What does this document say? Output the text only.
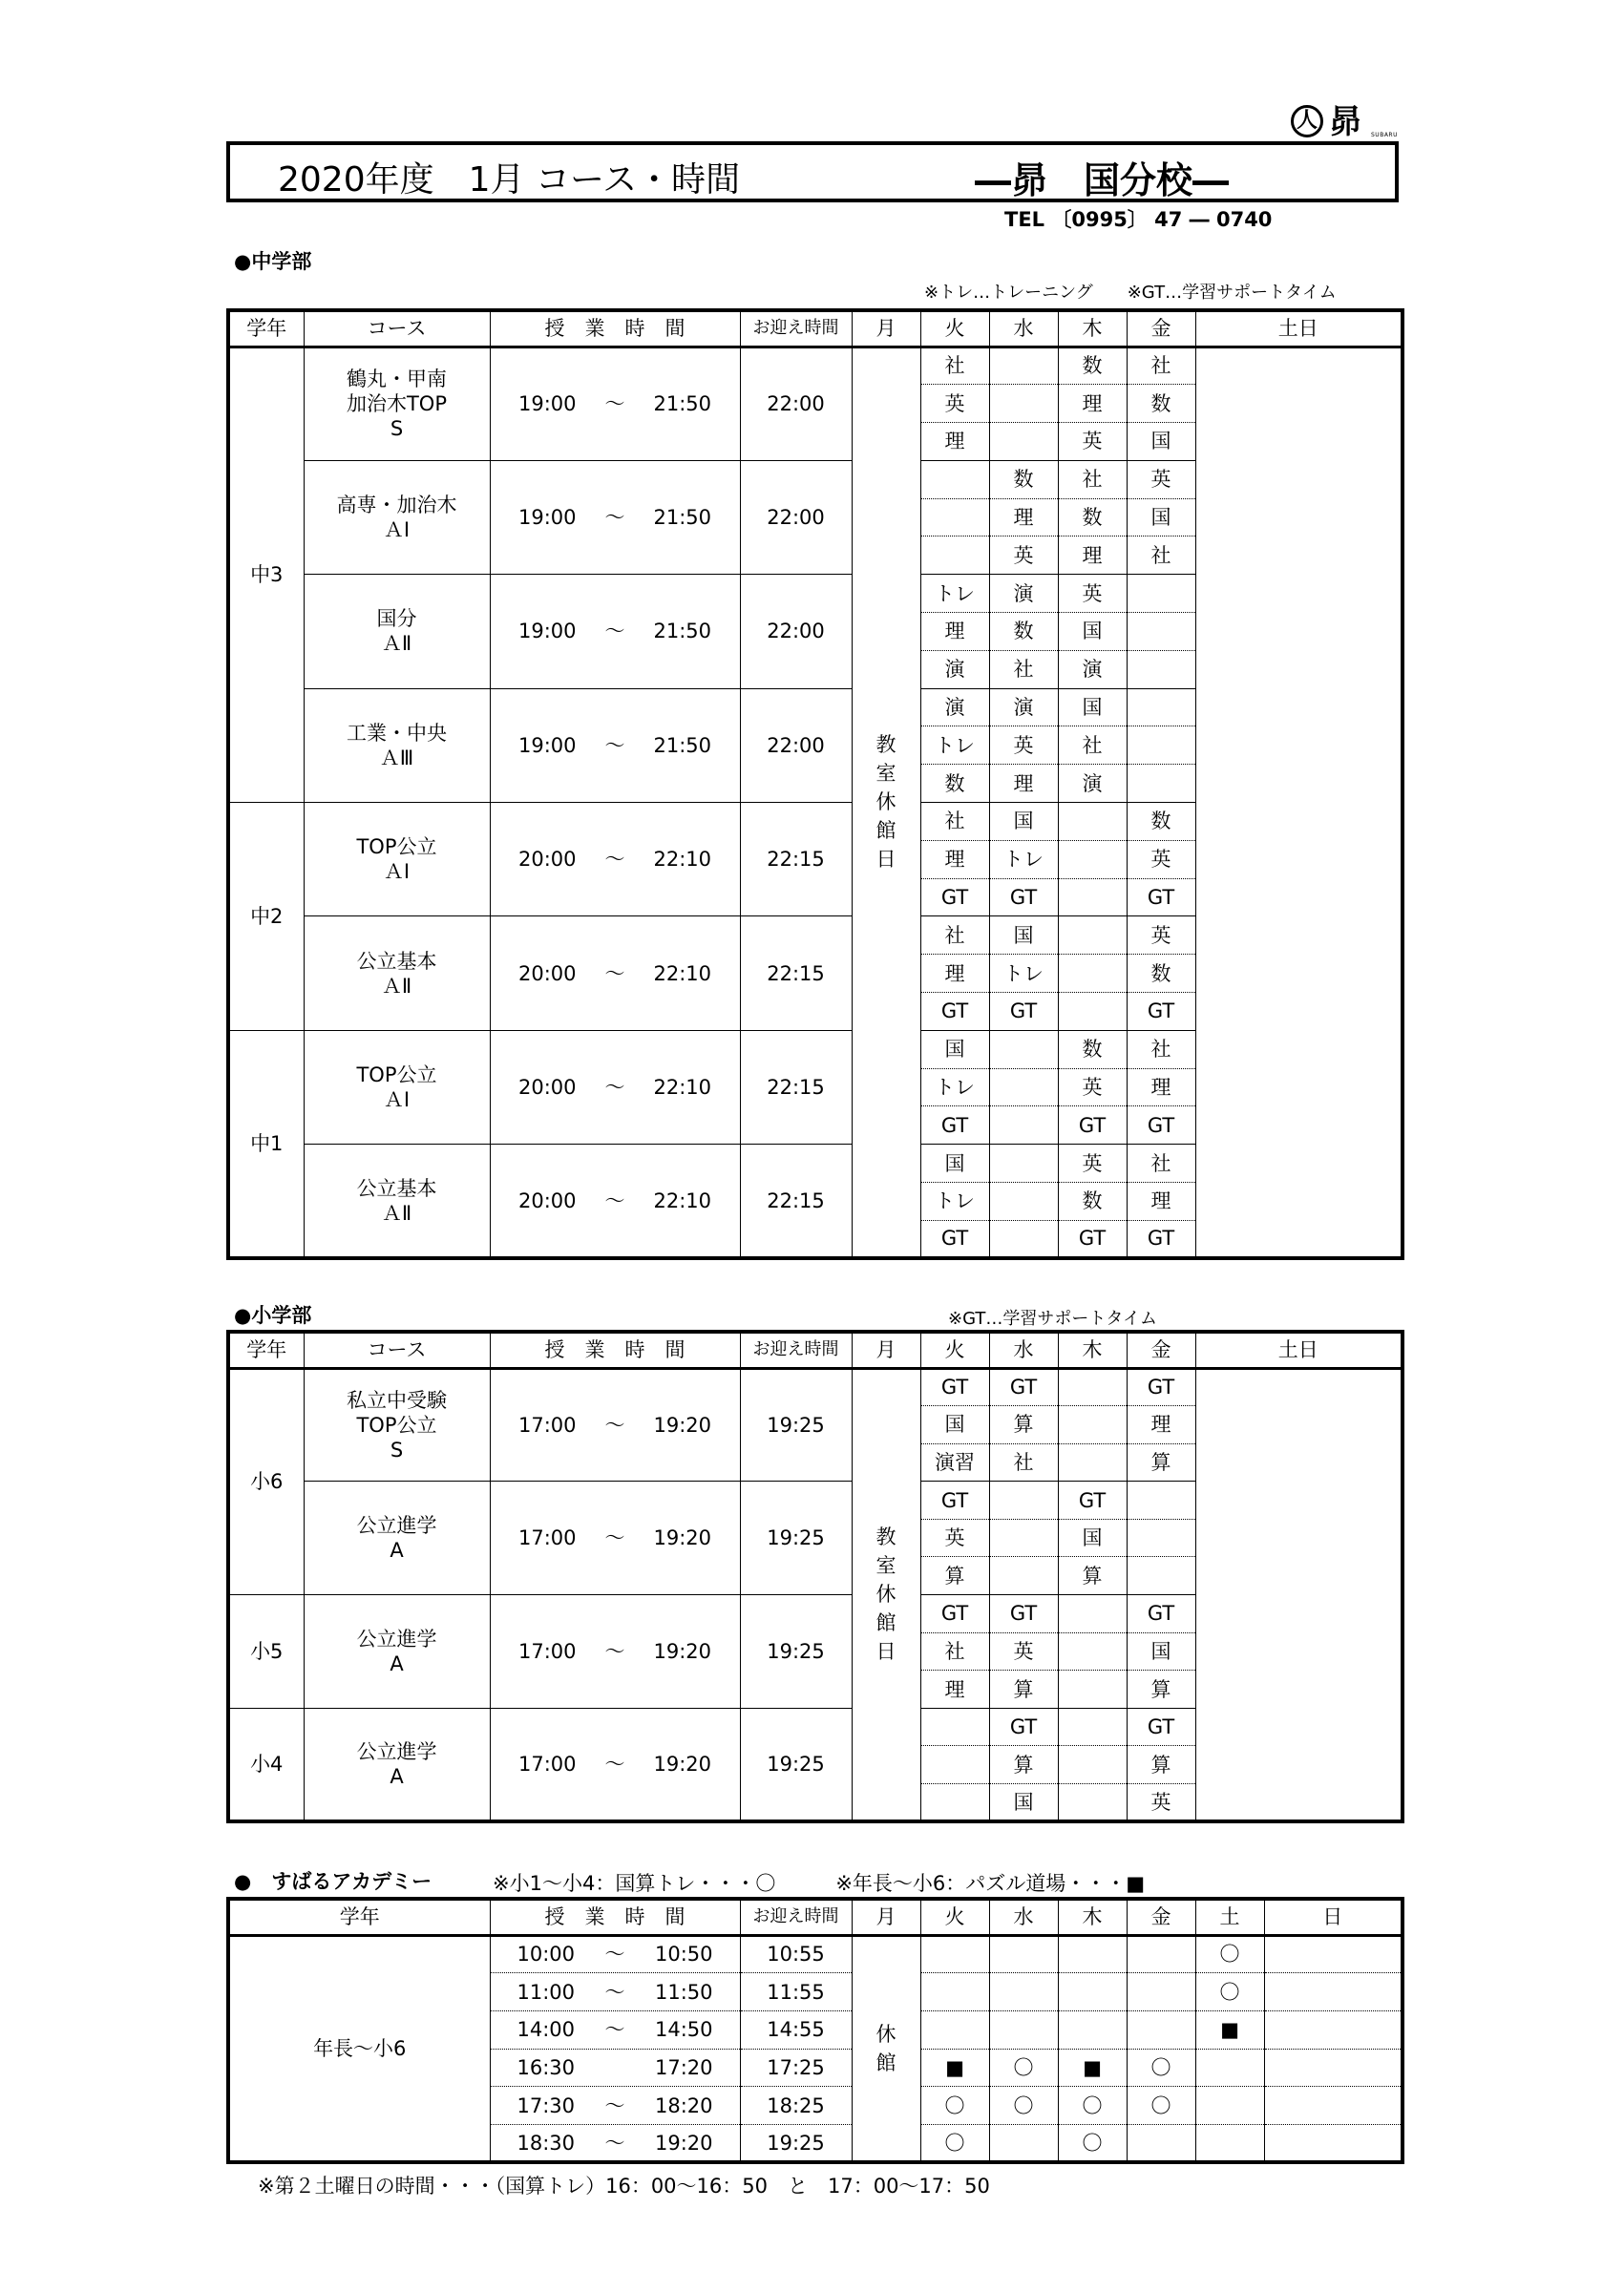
人 昴 SUBARU
2020年度　1月 コース・時間	―昴　国分校―
TEL 〔0995〕 47 ― 0740
●中学部
※トレ…トレーニング　　※GT…学習サポートタイム
学年	コース	授　業　時　間	お迎え時間	月	火	水	木	金	土日
中3	鶴丸・甲南
加治木TOP
S	19:00 ～ 21:50	22:00	教室休館日	社		数	社	
					英		理	数	
					理		英	国	
	高専・加治木
ＡⅠ	19:00 ～ 21:50	22:00			数	社	英	
						理	数	国	
						英	理	社	
	国分
ＡⅡ	19:00 ～ 21:50	22:00		トレ	演	英		
					理	数	国		
					演	社	演		
	工業・中央
ＡⅢ	19:00 ～ 21:50	22:00		演	演	国		
					トレ	英	社		
					数	理	演		
中2	TOP公立
ＡⅠ	20:00 ～ 22:10	22:15		社	国		数	
					理	トレ		英	
					GT	GT		GT	
	公立基本
ＡⅡ	20:00 ～ 22:10	22:15		社	国		英	
					理	トレ		数	
					GT	GT		GT	
中1	TOP公立
ＡⅠ	20:00 ～ 22:10	22:15		国		数	社	
					トレ		英	理	
					GT		GT	GT	
	公立基本
ＡⅡ	20:00 ～ 22:10	22:15		国		英	社	
					トレ		数	理	
					GT		GT	GT	
●小学部	※GT…学習サポートタイム
学年	コース	授　業　時　間	お迎え時間	月	火	水	木	金	土日
小6	私立中受験
TOP公立
S	17:00 ～ 19:20	19:25	教室休館日	GT	GT		GT	
					国	算		理	
					演習	社		算	
	公立進学
A	17:00 ～ 19:20	19:25		GT		GT		
					英		国		
					算		算		
小5	公立進学
A	17:00 ～ 19:20	19:25		GT	GT		GT	
					社	英		国	
					理	算		算	
小4	公立進学
A	17:00 ～ 19:20	19:25			GT		GT	
						算		算	
						国		英	
●　すばるアカデミー	※小1～小4：国算トレ・・・〇　　　※年長～小6：パズル道場・・・■
学年	授　業　時　間	お迎え時間	月	火	水	木	金	土	日
年長～小6	10:00 ～ 10:50	10:55	休館					〇	
	11:00 ～ 11:50	11:55						〇	
	14:00 ～ 14:50	14:55						■	
	16:30 17:20	17:25		■	〇	■	〇		
	17:30 ～ 18:20	18:25		〇	〇	〇	〇		
	18:30 ～ 19:20	19:25		〇		〇			
※第２土曜日の時間・・・（国算トレ）16：00～16：50　と　17：00～17：50
